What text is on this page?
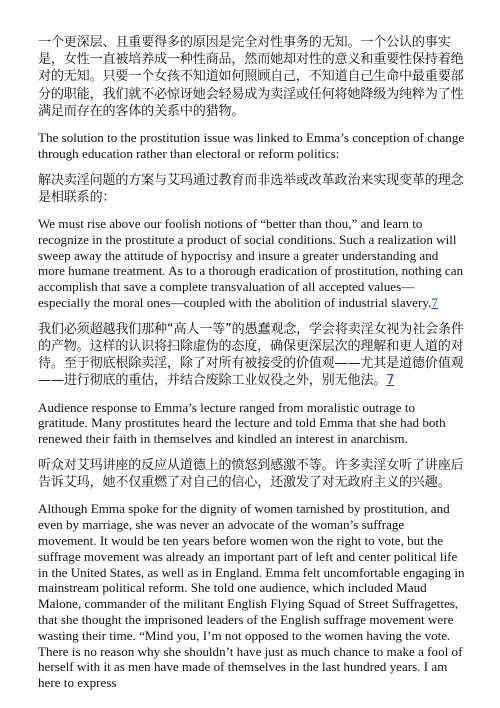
一个更深层、且重要得多的原因是完全对性事务的无知。一个公认的事实是，女性一直被培养成一种性商品，然而她却对性的意义和重要性保持着绝对的无知。只要一个女孩不知道如何照顾自己，不知道自己生命中最重要部分的职能，我们就不必惊讶她会轻易成为卖淫或任何将她降级为纯粹为了性满足而存在的客体的关系中的猎物。

The solution to the prostitution issue was linked to Emma’s conception of change through education rather than electoral or reform politics:

解决卖淫问题的方案与艾玛通过教育而非选举或改革政治来实现变革的理念是相联系的：

We must rise above our foolish notions of “better than thou,” and learn to recognize in the prostitute a product of social conditions. Such a realization will sweep away the attitude of hypocrisy and insure a greater understanding and more humane treatment. As to a thorough eradication of prostitution, nothing can accomplish that save a complete transvaluation of all accepted values—especially the moral ones—coupled with the abolition of industrial slavery.7

我们必须超越我们那种“高人一等”的愚蠢观念，学会将卖淫女视为社会条件的产物。这样的认识将扫除虚伪的态度，确保更深层次的理解和更人道的对待。至于彻底根除卖淫，除了对所有被接受的价值观——尤其是道德价值观——进行彻底的重估，并结合废除工业奴役之外，别无他法。7

Audience response to Emma’s lecture ranged from moralistic outrage to gratitude. Many prostitutes heard the lecture and told Emma that she had both renewed their faith in themselves and kindled an interest in anarchism.

听众对艾玛讲座的反应从道德上的愤怒到感激不等。许多卖淫女听了讲座后告诉艾玛，她不仅重燃了对自己的信心，还激发了对无政府主义的兴趣。

Although Emma spoke for the dignity of women tarnished by prostitution, and even by marriage, she was never an advocate of the woman’s suffrage movement. It would be ten years before women won the right to vote, but the suffrage movement was already an important part of left and center political life in the United States, as well as in England. Emma felt uncomfortable engaging in mainstream political reform. She told one audience, which included Maud Malone, commander of the militant English Flying Squad of Street Suffragettes, that she thought the imprisoned leaders of the English suffrage movement were wasting their time. “Mind you, I’m not opposed to the women having the vote. There is no reason why she shouldn’t have just as much chance to make a fool of herself with it as men have made of themselves in the last hundred years. I am here to express
